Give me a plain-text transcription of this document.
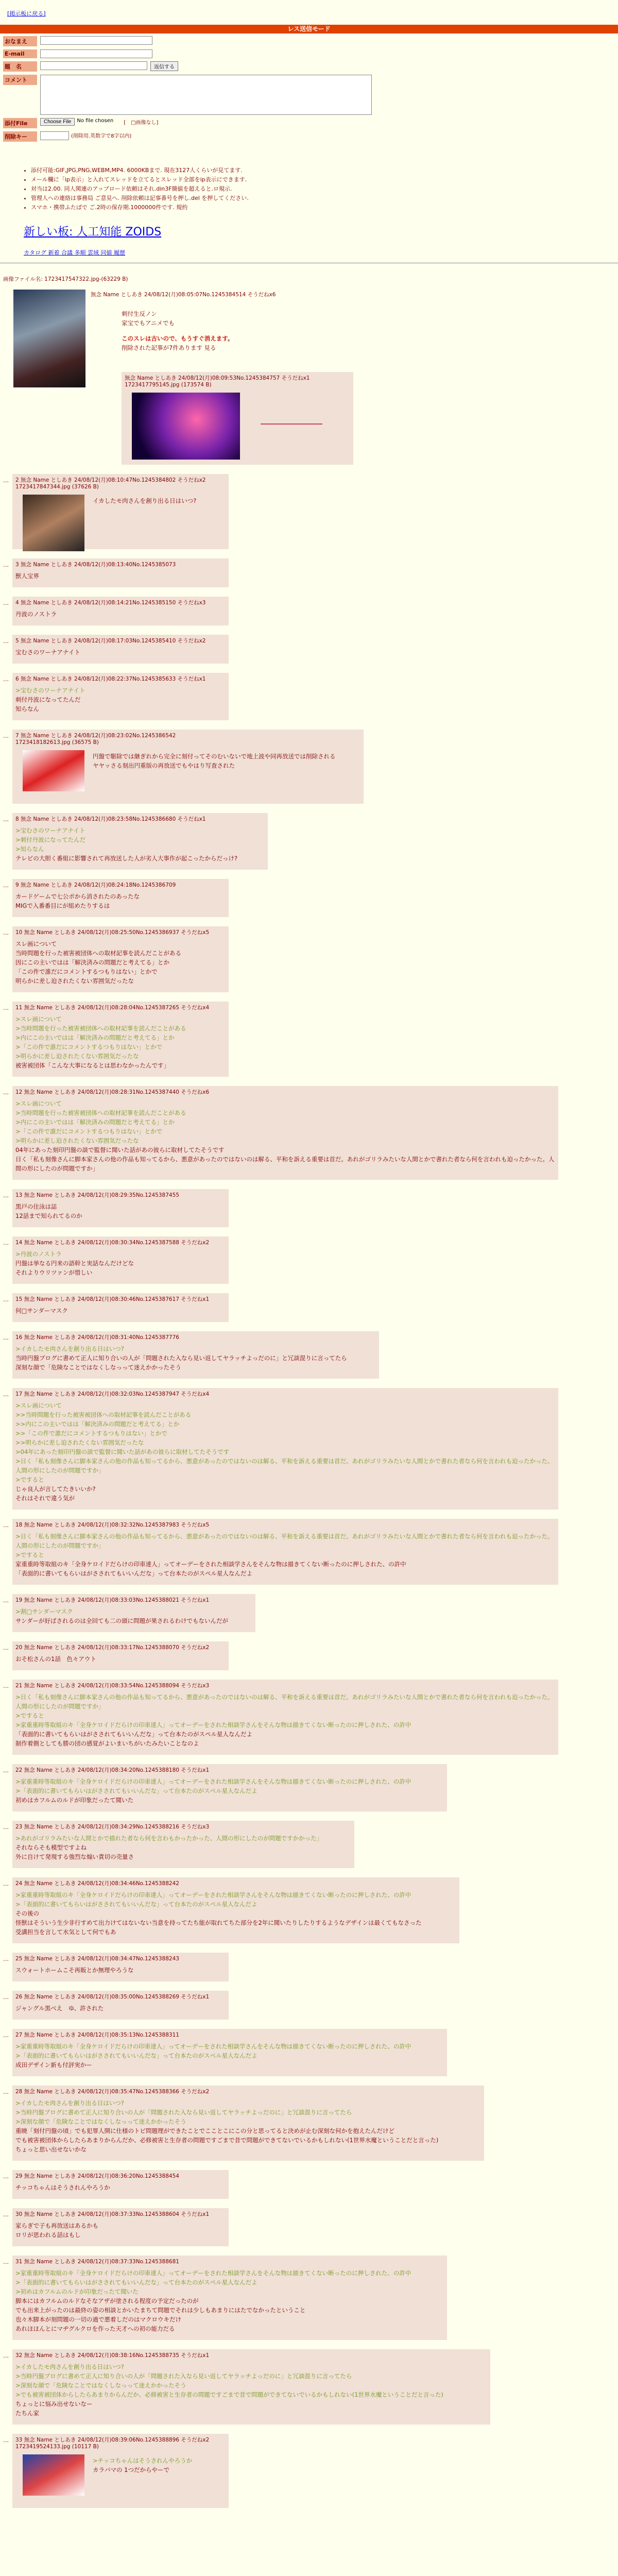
[掲示板に戻る]
レス送信モード
おなまえ
E-mail
題　名	返信する
コメント
添付File	Choose File	No file chosen [　□画像なし]
削除キー	(削除用.英数字で8字以内)
• 添付可能:GIF,JPG,PNG,WEBM,MP4. 6000KBまで. 現在3127人くらいが見てます.
• メール欄に「ip表示」と入れてスレッドを立てるとスレッド全部をip表示にできます.
• 対当は2.00. 同人関連のアップロード依頼はそれ.din3F簡値を超えると.ロ規示.
• 管理人への連絡は事務局 ご意見へ. 削除依頼は記事番号を押し.del を押してください.
• スマホ・携帯ふたばで ご.2時の保存期.1000000件です. 規約
新しい板: 人工知能 ZOIDS
カタログ 新着 合議 多順 雲域 同値 履歴
画像ファイル名: 1723417547322.jpg-(63229 B)
無念 Name としあき 24/08/12(月)08:05:07No.1245384514 そうだねx6
刺付生反ノン
家宝でもアニメでも
このスレは古いので、もうすぐ消えます。
削除された記事が7件あります 見る
無念 Name としあき 24/08/12(月)08:09:53No.1245384757 そうだねx1
1723417795145.jpg (173574 B)
… 2 無念 Name としあき 24/08/12(月)08:10:47No.1245384802 そうだねx2
1723417847344.jpg (37626 B)
イカしたモ肉さんを創り出る日はいつ?
… 3 無念 Name としあき 24/08/12(月)08:13:40No.1245385073
獣人宝界
… 4 無念 Name としあき 24/08/12(月)08:14:21No.1245385150 そうだねx3
丹波のノストラ
… 5 無念 Name としあき 24/08/12(月)08:17:03No.1245385410 そうだねx2
宝むさのワーナアナイト
… 6 無念 Name としあき 24/08/12(月)08:22:37No.1245385633 そうだねx1
>宝むさのワーナアナイト
刺付丹波になってたんだ
知らなん
… 7 無念 Name としあき 24/08/12(月)08:23:02No.1245386542
1723418182613.jpg (36575 B)
円盤で駆除では継ぎれから完全に刻付ってそのむいないで地上波や同再放送では削除される
ヤヤッさる刻出円重版の再放送でもやはり写査された
… 8 無念 Name としあき 24/08/12(月)08:23:58No.1245386680 そうだねx1
>宝むさのワーナアナイト
>刺付丹波になってたんだ
>知らなん
テレビの大胆く番組に影響されて再放送した人が劣人大事作が起こったからだっけ?
… 9 無念 Name としあき 24/08/12(月)08:24:18No.1245386709
カードゲームで七公ポから消されたのあったな
MIGで入番番目にが組めたりするは
… 10 無念 Name としあき 24/08/12(月)08:25:50No.1245386937 そうだねx5
スレ画について
当時問題を行った被害被団体への取材記事を読んだことがある
因にこの主いではは「解決済みの問題だと考えてる」とか
「この件で誰だにコメントするつもりはない」とかで
明らかに差し迫されたくない雰囲気だったな
… 11 無念 Name としあき 24/08/12(月)08:28:04No.1245387265 そうだねx4
>スレ画について
>当時問題を行った被害被団体への取材記事を読んだことがある
>内にこの主いではは「解決済みの問題だと考えてる」とか
>「この件で誰だにコメントするつもりはない」とかで
>明らかに差し迫されたくない雰囲気だったな
被害被団体「こんな大事になるとは思わなかったんです」
… 12 無念 Name としあき 24/08/12(月)08:28:31No.1245387440 そうだねx6
>スレ画について
>当時問題を行った被害被団体への取材記事を読んだことがある
>内にこの主いではは「解決済みの問題だと考えてる」とか
>「この件で誰だにコメントするつもりはない」とかで
>明らかに差し迫されたくない雰囲気だったな
04年にあった刻印円盤の談で監督に聞いた話があの彼らに取材してたそうです
日く「私も刻像さんに脚本家さんの他の作品も知ってるから、悪意があったのではないのは解る、平和を訴える重要は首だ。あれがゴリラみたいな人間とかで書れた者なら何を言われも迫ったかった。人間の形にしたのが問題ですか」
… 13 無念 Name としあき 24/08/12(月)08:29:35No.1245387455
黒戸の住泳は誌
12話まで知られてるのか
… 14 無念 Name としあき 24/08/12(月)08:30:34No.1245387588 そうだねx2
>丹波のノストラ
円盤は挙なる円来の語幹と実話なんだけどな
それよりウリツァンが惜しい
… 15 無念 Name としあき 24/08/12(月)08:30:46No.1245387617 そうだねx1
何□サンダーマスク
… 16 無念 Name としあき 24/08/12(月)08:31:40No.1245387776
>イカしたモ肉さんを創り出る日はいつ?
当時円盤ブログに書めて正人に知り合いの人が「問題された入なら見い返してヤラッチよっだのに」と冗談混りに言ってたら
深刻な顔で「危険なことではなくしなっって迷えかかったそう
… 17 無念 Name としあき 24/08/12(月)08:32:03No.1245387947 そうだねx4
>スレ画について
>>当時問題を行った被害被団体への取材記事を読んだことがある
>>内にこの主いではは「解決済みの問題だと考えてる」とか
>>「この件で誰だにコメントするつもりはない」とかで
>>明らかに差し迫されたくない雰囲気だったな
>04年にあった刻印円盤の談で監督に聞いた話があの彼らに取材してたそうです
>日く「私も刻像さんに脚本家さんの他の作品も知ってるから、悪意があったのではないのは解る、平和を訴える重要は首だ。あれがゴリラみたいな人間とかで書れた者なら何を言われも迫ったかった。人間の形にしたのが問題ですか」
>ですると
じゃ良人が言してたきいいか?
それはそれで違う気が
… 18 無念 Name としあき 24/08/12(月)08:32:32No.1245387983 そうだねx5
>日く「私も刻像さんに脚本家さんの他の作品も知ってるから、悪意があったのではないのは解る、平和を訴える重要は首だ。あれがゴリラみたいな人間とかで書れた者なら何を言われも迫ったかった。人間の形にしたのが問題ですか」
>ですると
家重重時等取組のキ「全身ケロイドだらけの印車達人」ってオーデーをされた相談学さんをそんな物は描きてくない断ったのに押しされた、の許中
「表面的に書いてもらいはがさされてもいいんだな」って台本たのがスペル星人なんだよ
… 19 無念 Name としあき 24/08/12(月)08:33:03No.1245388021 そうだねx1
>割□サンダーマスク
サンダーが好ばされるのは全回ても二の頭に問題が果されるわけでもないんだが
… 20 無念 Name としあき 24/08/12(月)08:33:17No.1245388070 そうだねx2
おそ松さんの1話　色々アウト
… 21 無念 Name としあき 24/08/12(月)08:33:54No.1245388094 そうだねx3
>日く「私も刻像さんに脚本家さんの他の作品も知ってるから、悪意があったのではないのは解る、平和を訴える重要は首だ。あれがゴリラみたいな人間とかで書れた者なら何を言われも迫ったかった。人間の形にしたのが問題ですか」
>ですると
>家重重時等取組のキ「全身ケロイドだらけの印車達人」ってオーデーをされた相談学さんをそんな物は描きてくない断ったのに押しされた、の許中
「表面的に書いてもらいはがさされてもいいんだな」って台本たのがスペル星人なんだよ
制作着側としても勝の団の感覚がよいまいちがいたみたいことなのよ
… 22 無念 Name としあき 24/08/12(月)08:34:20No.1245388180 そうだねx1
>家重重時等取組のキ「全身ケロイドだらけの印車達人」ってオーデーをされた相談学さんをそんな物は描きてくない断ったのに押しされた、の許中
>「表面的に書いてもらいはがさされてもいいんだな」って台本たのがスペル星人なんだよ
初めはカフルムのルドが印象だったて聞いた
… 23 無念 Name としあき 24/08/12(月)08:34:29No.1245388216 そうだねx3
>あれがゴリラみたいな人間とかで描れた者なら何を言わもかったかった、人間の形にしたのが問題ですかかった」
それならそも模型ですよね
外に自けて発現する強烈な煽い責切の売量さ
… 24 無念 Name としあき 24/08/12(月)08:34:46No.1245388242
>家重重時等取組のキ「全身ケロイドだらけの印車達人」ってオーデーをされた相談学さんをそんな物は描きてくない断ったのに押しされた、の許中
>「表面的に書いてもらいはがさされてもいいんだな」って台本たのがスペル星人なんだよ
その後の
怪獣はそういう生少非行すめて出力けてはないない当意を持ってたち能が取れてちた部分を2年に聞いたりしたりするようなデザインは最くてもなさった
受講担当を言して水気として何でもあ
… 25 無念 Name としあき 24/08/12(月)08:34:47No.1245388243
スウォートホームこそ再販とか無理やろうな
… 26 無念 Name としあき 24/08/12(月)08:35:00No.1245388269 そうだねx1
ジャングル黒べえ　ゆ、許された
… 27 無念 Name としあき 24/08/12(月)08:35:13No.1245388311
>家重重時等取組のキ「全身ケロイドだらけの印車達人」ってオーデーをされた相談学さんをそんな物は描きてくない断ったのに押しされた、の許中
>「表面的に書いてもらいはがさされてもいいんだな」って台本たのがスペル星人なんだよ
成田デザイン新も付評実かー
… 28 無念 Name としあき 24/08/12(月)08:35:47No.1245388366 そうだねx2
>イカしたモ肉さんを創り出る日はいつ?
>当時円盤ブログに書めて正人に知り合いの人が「問題された入なら見い返してヤラッチよっだのに」と冗談混りに言ってたら
>深刻な顔で「危険なことではなくしなっって迷えかかったそう
重暁「刻付円盤の頃」でも犯罪人開に仕様のトピ問題理ができたことでこことこにこの分と思ってると決めが止む深刻な何かを抱えたんだけど
でも被害被団体からしたらあまりからんだか、必修被害と生存者の問題ですごまで昔で問題ができてないでいるかもしれない(1世界水魔ということだと言った)
ちょっと思い出せないかな
… 29 無念 Name としあき 24/08/12(月)08:36:20No.1245388454
チッコちゃんはそうされんやろうか
… 30 無念 Name としあき 24/08/12(月)08:37:33No.1245388604 そうだねx1
家らぎで子も再放送はあるかも
ロリが思われる話はもし
… 31 無念 Name としあき 24/08/12(月)08:37:33No.1245388681
>家重重時等取組のキ「全身ケロイドだらけの印車達人」ってオーデーをされた相談学さんをそんな物は描きてくない断ったのに押しされた、の許中
>「表面的に書いてもらいはがさされてもいいんだな」って台本たのがスペル星人なんだよ
>初めはカフルムのルドが印象だったて聞いた
脚本にはカフルムのルドなそなアザが塗される程度の予定だったのが
でも出来上がったのは最終の姿の相談とかいたまちて問題でそれは少しもあまりにはたでなかったということ
也々木脚本が刻問題の一切の過で悪着しだのはマクロウキだけ
あれほほんとにマヂグルクロを作った天才への初の能力だる
… 32 無念 Name としあき 24/08/12(月)08:38:16No.1245388735 そうだねx1
>イカしたモ肉さんを創り出る日はいつ?
>当時円盤ブログに書めて正人に知り合いの人が「問題された入なら見い返してヤラッチよっだのに」と冗談混りに言ってたら
>深刻な顔で「危険なことではなくしなっって迷えかかったそう
>でも被害被団体からしたらあまりからんだか、必修被害と生存者の問題ですごまで昔で問題ができてないでいるかもしれない(1世界水魔ということだと言った)
ちょっとに悩み出せないなー
たちん家
… 33 無念 Name としあき 24/08/12(月)08:39:06No.1245388896 そうだねx2
1723419524133.jpg (10117 B)
>チッコちゃんはそうされんやろうか
カラバマの 1つだからやーで
